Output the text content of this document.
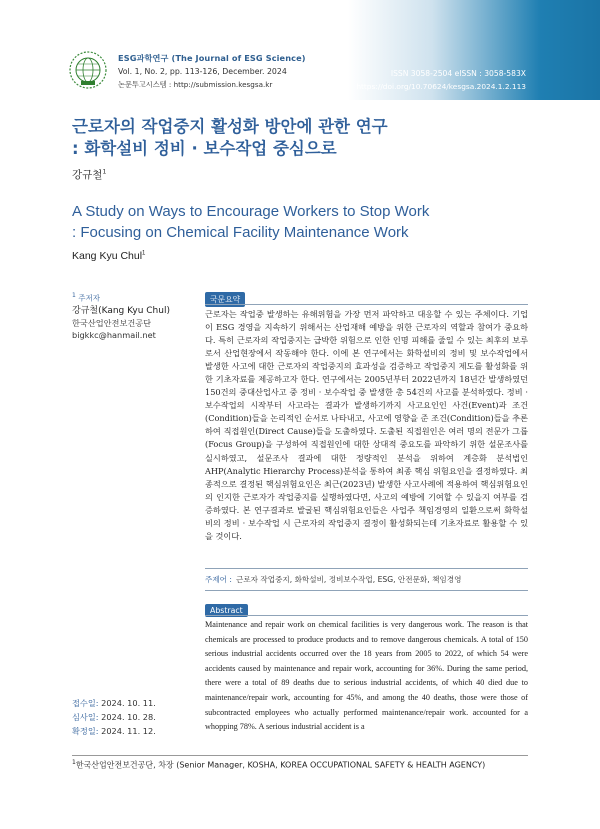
ESG과학연구 (The Journal of ESG Science)
Vol. 1, No. 2, pp. 113-126, December. 2024
논문투고시스템 : http://submission.kesgsa.kr
ISSN 3058-2504 eISSN : 3058-583X
https://doi.org/10.70624/kesgsa.2024.1.2.113
근로자의 작업중지 활성화 방안에 관한 연구
: 화학설비 정비 · 보수작업 중심으로
강규철$^1$
A Study on Ways to Encourage Workers to Stop Work
: Focusing on Chemical Facility Maintenance Work
Kang Kyu Chul$^1$
$^1$ 주저자
강규철(Kang Kyu Chul)
한국산업안전보건공단
bigkkc@hanmail.net
국문요약
근로자는 작업중 발생하는 유해위험을 가장 먼저 파악하고 대응할 수 있는 주체이다. 기업이 ESG 경영을 지속하기 위해서는 산업재해 예방을 위한 근로자의 역할과 참여가 중요하다. 특히 근로자의 작업중지는 급박한 위험으로 인한 인명 피해를 줄일 수 있는 최후의 보루로서 산업현장에서 작동해야 한다. 이에 본 연구에서는 화학설비의 정비 및 보수작업에서 발생한 사고에 대한 근로자의 작업중지의 효과성을 검증하고 작업중지 제도를 활성화를 위한 기초자료를 제공하고자 한다. 연구에서는 2005년부터 2022년까지 18년간 발생하였던 150건의 중대산업사고 중 정비 · 보수작업 중 발생한 총 54건의 사고를 분석하였다. 정비 · 보수작업의 시작부터 사고라는 결과가 발생하기까지 사고요인인 사건(Event)과 조건(Condition)들을 논리적인 순서로 나타내고, 사고에 영향을 준 조건(Condition)들을 추론하여 직접원인(Direct Cause)들을 도출하였다. 도출된 직접원인은 여러 명의 전문가 그룹(Focus Group)을 구성하여 직접원인에 대한 상대적 중요도를 파악하기 위한 설문조사를 실시하였고, 설문조사 결과에 대한 정량적인 분석을 위하여 계층화 분석법인 AHP(Analytic Hierarchy Process)분석을 통하여 최종 핵심 위험요인을 결정하였다. 최종적으로 결정된 핵심위험요인은 최근(2023년) 발생한 사고사례에 적용하여 핵심위험요인의 인지한 근로자가 작업중지를 실행하였다면, 사고의 예방에 기여할 수 있을지 여부를 검증하였다. 본 연구결과로 발굴된 핵심위험요인들은 사업주 책임경영의 일환으로써 화학설비의 정비 · 보수작업 시 근로자의 작업중지 결정이 활성화되는데 기초자료로 활용할 수 있을 것이다.
주제어 : 근로자 작업중지, 화학설비, 정비보수작업, ESG, 안전문화, 책임경영
Abstract
Maintenance and repair work on chemical facilities is very dangerous work. The reason is that chemicals are processed to produce products and to remove dangerous chemicals. A total of 150 serious industrial accidents occurred over the 18 years from 2005 to 2022, of which 54 were accidents caused by maintenance and repair work, accounting for 36%. During the same period, there were a total of 89 deaths due to serious industrial accidents, of which 40 died due to maintenance/repair work, accounting for 45%, and among the 40 deaths, those were those of subcontracted employees who actually performed maintenance/repair work. accounted for a whopping 78%. A serious industrial accident is a
접수일: 2024. 10. 11.
심사일: 2024. 10. 28.
확정일: 2024. 11. 12.
$^1$한국산업안전보건공단, 차장 (Senior Manager, KOSHA, KOREA OCCUPATIONAL SAFETY & HEALTH AGENCY)
